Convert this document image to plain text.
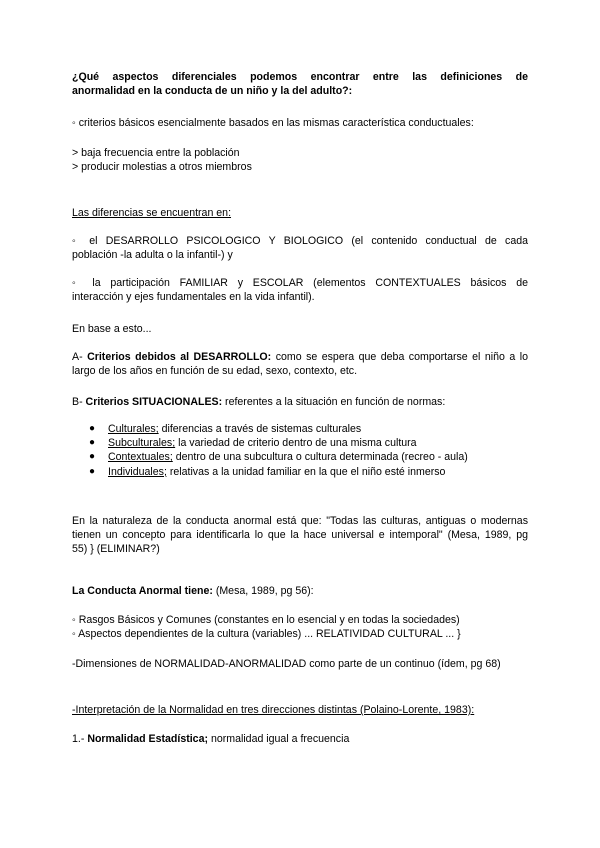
¿Qué aspectos diferenciales podemos encontrar entre las definiciones de
anormalidad en la conducta de un niño y la del adulto?:

◦ criterios básicos esencialmente basados en las mismas característica conductuales:

> baja frecuencia entre la población
> producir molestias a otros miembros

Las diferencias se encuentran en:

◦ el DESARROLLO PSICOLOGICO Y BIOLOGICO (el contenido conductual de cada
población -la adulta o la infantil-) y

◦ la participación FAMILIAR y ESCOLAR (elementos CONTEXTUALES básicos de
interacción y ejes fundamentales en la vida infantil).

En base a esto...

A- Criterios debidos al DESARROLLO: como se espera que deba comportarse el niño a lo
largo de los años en función de su edad, sexo, contexto, etc.

B- Criterios SITUACIONALES: referentes a la situación en función de normas:

● Culturales; diferencias a través de sistemas culturales
● Subculturales; la variedad de criterio dentro de una misma cultura
● Contextuales; dentro de una subcultura o cultura determinada (recreo - aula)
● Individuales; relativas a la unidad familiar en la que el niño esté inmerso

En la naturaleza de la conducta anormal está que: "Todas las culturas, antiguas o modernas
tienen un concepto para identificarla lo que la hace universal e intemporal" (Mesa, 1989, pg
55) } (ELIMINAR?)

La Conducta Anormal tiene: (Mesa, 1989, pg 56):

◦ Rasgos Básicos y Comunes (constantes en lo esencial y en todas la sociedades)
◦ Aspectos dependientes de la cultura (variables) ... RELATIVIDAD CULTURAL ... }

-Dimensiones de NORMALIDAD-ANORMALIDAD como parte de un continuo (ídem, pg 68)

-Interpretación de la Normalidad en tres direcciones distintas (Polaino-Lorente, 1983):

1.- Normalidad Estadística; normalidad igual a frecuencia
